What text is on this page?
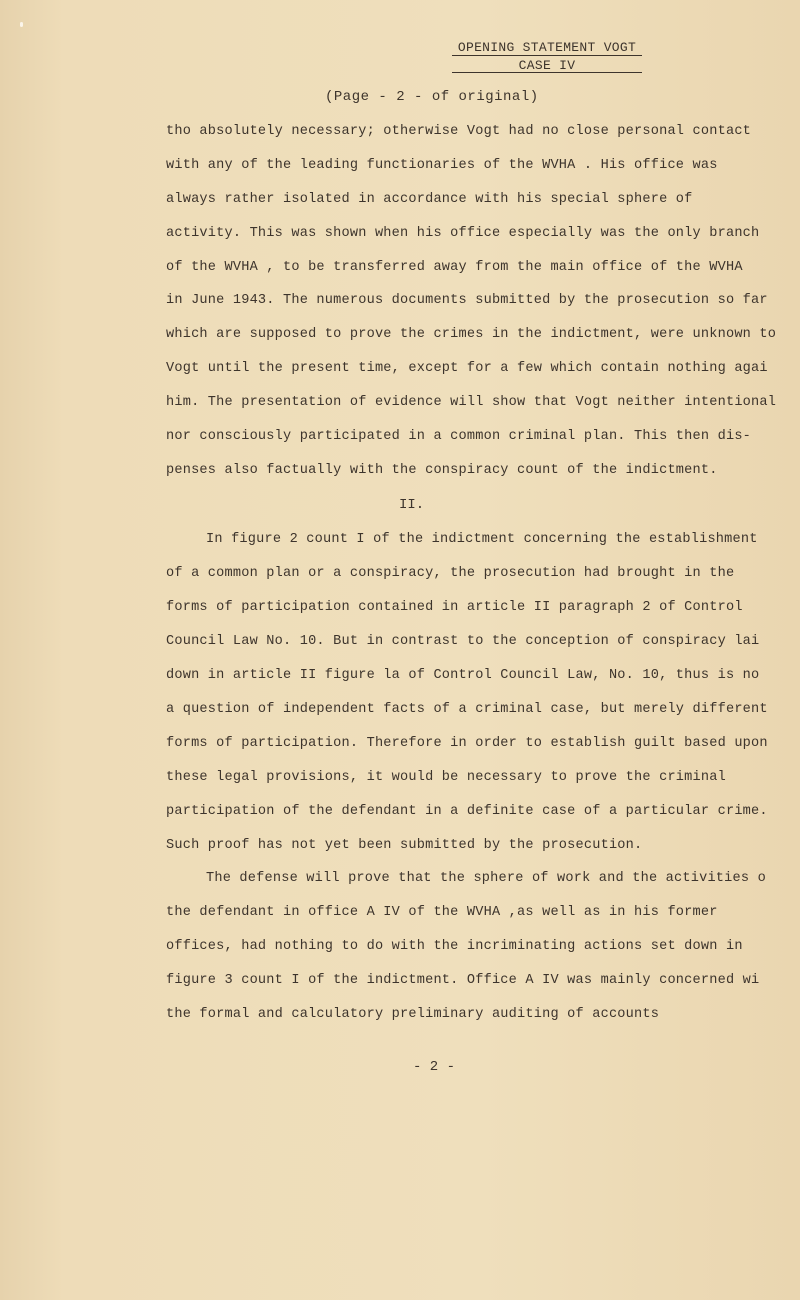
OPENING STATEMENT VOGT
CASE IV
(Page - 2 - of original)
tho absolutely necessary; otherwise Vogt had no close personal contact
with any of the leading functionaries of the WVHA . His office was
always rather isolated in accordance with his special sphere of
activity. This was shown when his office especially was the only branch
of the WVHA , to be transferred away from the main office of the WVHA
in June 1943. The numerous documents submitted by the prosecution so far
which are supposed to prove the crimes in the indictment, were unknown to
Vogt until the present time, except for a few which contain nothing agai
him. The presentation of evidence will show that Vogt neither intentional
nor consciously participated in a common criminal plan. This then dis-
penses also factually with the conspiracy count of the indictment.
II.
In figure 2 count I of the indictment concerning the establishment
of a common plan or a conspiracy, the prosecution had brought in the
forms of participation contained in article II paragraph 2 of Control
Council Law No. 10. But in contrast to the conception of conspiracy lai
down in article II figure la of Control Council Law, No. 10, thus is no
a question of independent facts of a criminal case, but merely different
forms of participation. Therefore in order to establish guilt based upon
these legal provisions, it would be necessary to prove the criminal
participation of the defendant in a definite case of a particular crime.
Such proof has not yet been submitted by the prosecution.
The defense will prove that the sphere of work and the activities o
the defendant in office A IV of the WVHA ,as well as in his former
offices, had nothing to do with the incriminating actions set down in
figure 3 count I of the indictment. Office A IV was mainly concerned wi
the formal and calculatory preliminary auditing of accounts
- 2 -
